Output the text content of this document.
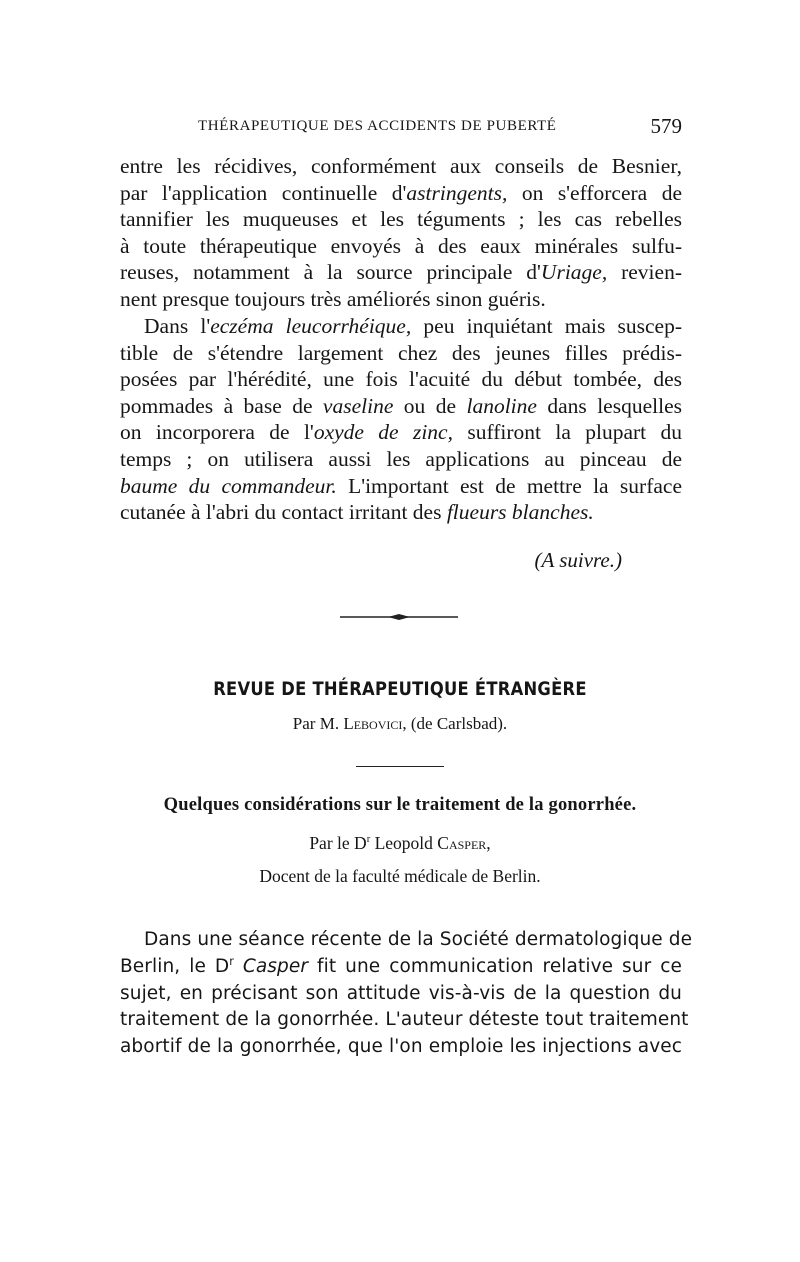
THÉRAPEUTIQUE DES ACCIDENTS DE PUBERTÉ	579
entre les récidives, conformément aux conseils de Besnier,
par l'application continuelle d'astringents, on s'efforcera de
tannifier les muqueuses et les téguments ; les cas rebelles
à toute thérapeutique envoyés à des eaux minérales sulfu-
reuses, notamment à la source principale d'Uriage, revien-
nent presque toujours très améliorés sinon guéris.
Dans l'eczéma leucorrhéique, peu inquiétant mais suscep-
tible de s'étendre largement chez des jeunes filles prédis-
posées par l'hérédité, une fois l'acuité du début tombée, des
pommades à base de vaseline ou de lanoline dans lesquelles
on incorporera de l'oxyde de zinc, suffiront la plupart du
temps ; on utilisera aussi les applications au pinceau de
baume du commandeur. L'important est de mettre la surface
cutanée à l'abri du contact irritant des flueurs blanches.
(A suivre.)
REVUE DE THÉRAPEUTIQUE ÉTRANGÈRE
Par M. Lebovici, (de Carlsbad).
Quelques considérations sur le traitement de la gonorrhée.
Par le $D^r$ Leopold Casper,
Docent de la faculté médicale de Berlin.
Dans une séance récente de la Société dermatologique de
Berlin, le $D^r$ Casper fit une communication relative sur ce
sujet, en précisant son attitude vis-à-vis de la question du
traitement de la gonorrhée. L'auteur déteste tout traitement
abortif de la gonorrhée, que l'on emploie les injections avec
